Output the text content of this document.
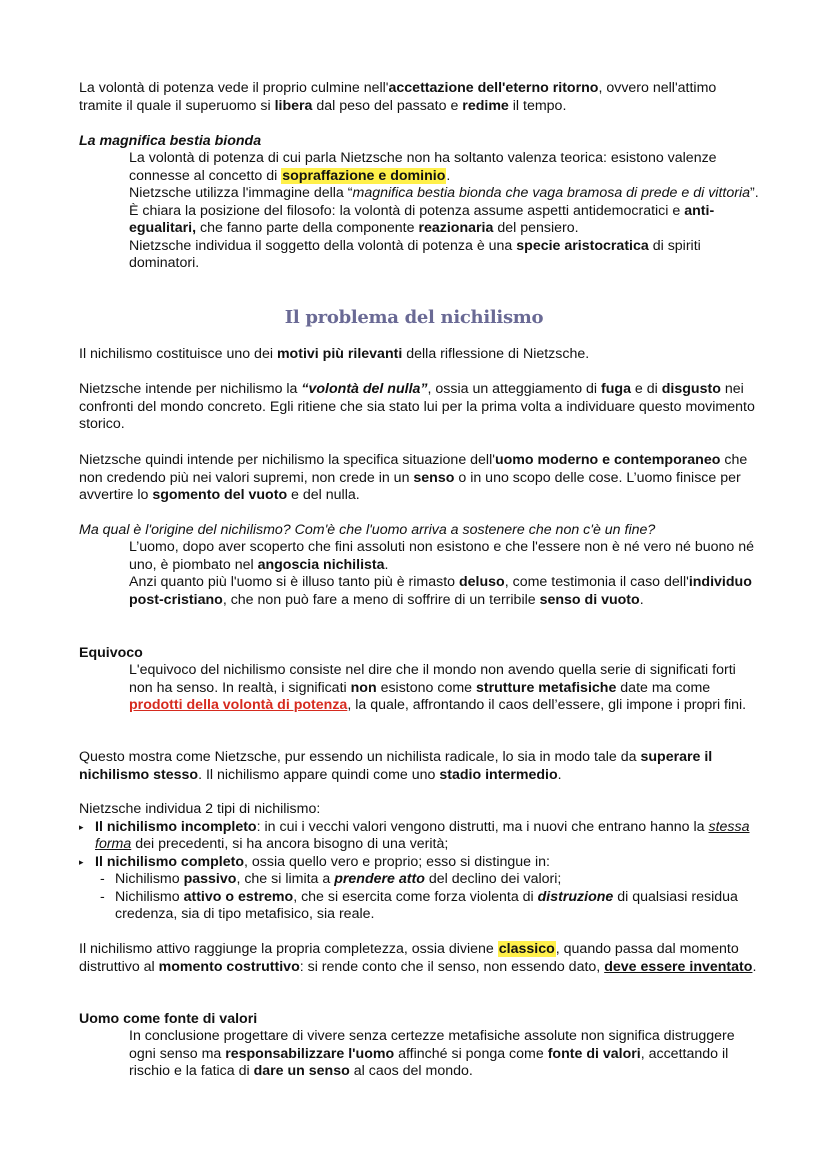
La volontà di potenza vede il proprio culmine nell'accettazione dell'eterno ritorno, ovvero nell'attimo tramite il quale il superuomo si libera dal peso del passato e redime il tempo.

La magnifica bestia bionda

La volontà di potenza di cui parla Nietzsche non ha soltanto valenza teorica: esistono valenze connesse al concetto di sopraffazione e dominio.

Nietzsche utilizza l'immagine della “magnifica bestia bionda che vaga bramosa di prede e di vittoria”.

È chiara la posizione del filosofo: la volontà di potenza assume aspetti antidemocratici e anti-egualitari, che fanno parte della componente reazionaria del pensiero.

Nietzsche individua il soggetto della volontà di potenza è una specie aristocratica di spiriti dominatori.

Il problema del nichilismo

Il nichilismo costituisce uno dei motivi più rilevanti della riflessione di Nietzsche.

Nietzsche intende per nichilismo la “volontà del nulla”, ossia un atteggiamento di fuga e di disgusto nei confronti del mondo concreto. Egli ritiene che sia stato lui per la prima volta a individuare questo movimento storico.

Nietzsche quindi intende per nichilismo la specifica situazione dell'uomo moderno e contemporaneo che non credendo più nei valori supremi, non crede in un senso o in uno scopo delle cose. L’uomo finisce per avvertire lo sgomento del vuoto e del nulla.

Ma qual è l'origine del nichilismo? Com'è che l'uomo arriva a sostenere che non c'è un fine?

L’uomo, dopo aver scoperto che fini assoluti non esistono e che l'essere non è né vero né buono né uno, è piombato nel angoscia nichilista.

Anzi quanto più l'uomo si è illuso tanto più è rimasto deluso, come testimonia il caso dell'individuo post-cristiano, che non può fare a meno di soffrire di un terribile senso di vuoto.

Equivoco

L'equivoco del nichilismo consiste nel dire che il mondo non avendo quella serie di significati forti non ha senso. In realtà, i significati non esistono come strutture metafisiche date ma come prodotti della volontà di potenza, la quale, affrontando il caos dell’essere, gli impone i propri fini.

Questo mostra come Nietzsche, pur essendo un nichilista radicale, lo sia in modo tale da superare il nichilismo stesso. Il nichilismo appare quindi come uno stadio intermedio.

Nietzsche individua 2 tipi di nichilismo:

▸ Il nichilismo incompleto: in cui i vecchi valori vengono distrutti, ma i nuovi che entrano hanno la stessa forma dei precedenti, si ha ancora bisogno di una verità;
▸ Il nichilismo completo, ossia quello vero e proprio; esso si distingue in:
- Nichilismo passivo, che si limita a prendere atto del declino dei valori;
- Nichilismo attivo o estremo, che si esercita come forza violenta di distruzione di qualsiasi residua credenza, sia di tipo metafisico, sia reale.

Il nichilismo attivo raggiunge la propria completezza, ossia diviene classico, quando passa dal momento distruttivo al momento costruttivo: si rende conto che il senso, non essendo dato, deve essere inventato.

Uomo come fonte di valori

In conclusione progettare di vivere senza certezze metafisiche assolute non significa distruggere ogni senso ma responsabilizzare l'uomo affinché si ponga come fonte di valori, accettando il rischio e la fatica di dare un senso al caos del mondo.
